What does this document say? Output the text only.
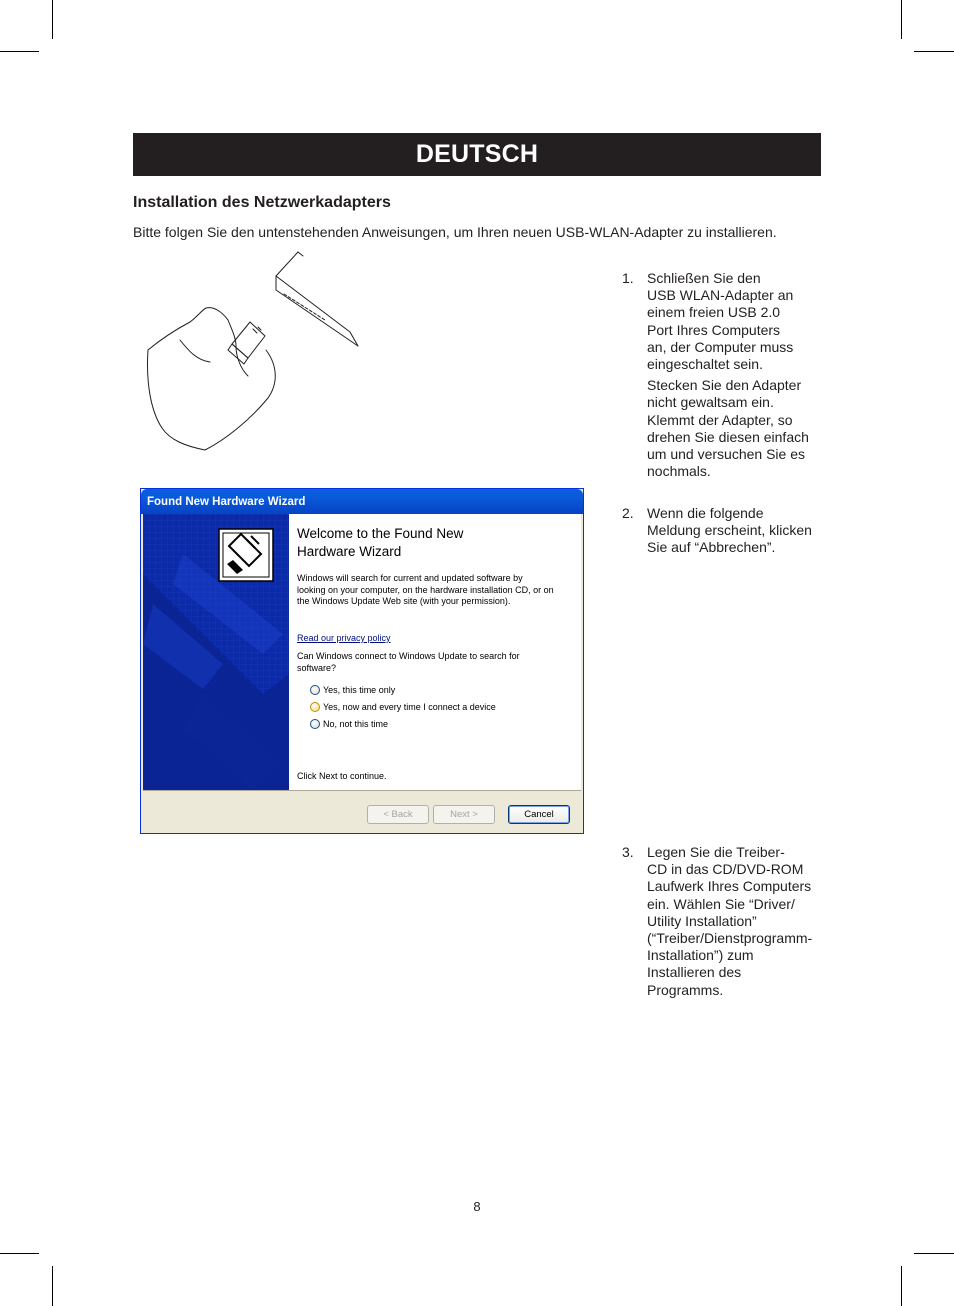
DEUTSCH
Installation des Netzwerkadapters
Bitte folgen Sie den untenstehenden Anweisungen, um Ihren neuen USB-WLAN-Adapter zu installieren.
1. Schließen Sie den
USB WLAN-Adapter an
einem freien USB 2.0
Port Ihres Computers
an, der Computer muss
eingeschaltet sein.

Stecken Sie den Adapter
nicht gewaltsam ein.
Klemmt der Adapter, so
drehen Sie diesen einfach
um und versuchen Sie es
nochmals.

2. Wenn die folgende
Meldung erscheint, klicken
Sie auf “Abbrechen”.

3. Legen Sie die Treiber-
CD in das CD/DVD-ROM
Laufwerk Ihres Computers
ein. Wählen Sie “Driver/
Utility Installation”
(“Treiber/Dienstprogramm-
Installation”) zum
Installieren des
Programms.

Found New Hardware Wizard
Welcome to the Found New
Hardware Wizard
Windows will search for current and updated software by
looking on your computer, on the hardware installation CD, or on
the Windows Update Web site (with your permission).
Read our privacy policy
Can Windows connect to Windows Update to search for
software?
Yes, this time only
Yes, now and every time I connect a device
No, not this time
Click Next to continue.
< Back	Next >	Cancel
8
